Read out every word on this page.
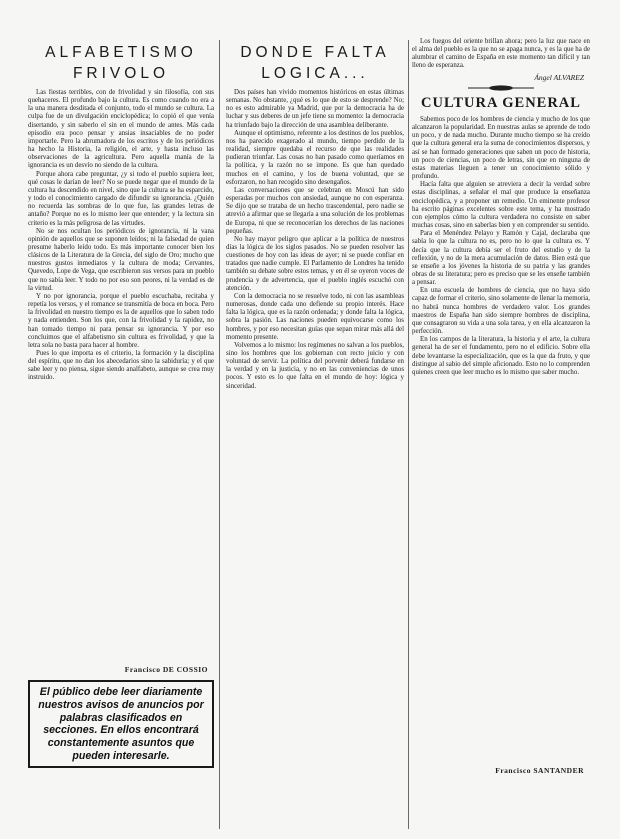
ALFABETISMO
FRIVOLO

Las fiestas terribles, con de frivolidad y sin filosofía, con sus quehaceres. El profundo bajo la cultura. Es como cuando no era a la una manera desditada el conjunto, todo el mundo se cultura. La culpa fue de un divulgación enciclopédica; lo copió el que venía disertando, y sin saberlo el sin en el mundo de antes. Más cada episodio era poco pensar y ansias insaciables de no poder importarle. Pero la abrumadora de los escritos y de los periódicos ha hecho la Historia, la religión, el arte, y hasta incluso las observaciones de la agricultura. Pero aquella manía de la ignorancia es un desvío no siendo de la cultura.

Porque ahora cabe preguntar, ¿y si todo el pueblo supiera leer, qué cosas le darían de leer? No se puede negar que el mundo de la cultura ha descendido en nivel, sino que la cultura se ha esparcido, y todo el conocimiento cargado de difundir su ignorancia. ¿Quién no recuerda las sombras de lo que fue, las grandes letras de antaño? Porque no es lo mismo leer que entender; y la lectura sin criterio es la más peligrosa de las virtudes.

No se nos ocultan los periódicos de ignorancia, ni la vana opinión de aquellos que se suponen leídos; ni la falsedad de quien presume haberlo leído todo. Es más importante conocer bien los clásicos de la Literatura de la Grecia, del siglo de Oro; mucho que nuestros gustos inmediatos y la cultura de moda; Cervantes, Quevedo, Lope de Vega, que escribieron sus versos para un pueblo que no sabía leer. Y todo no por eso son peores, ni la verdad es de la virtud.

Y no por ignorancia, porque el pueblo escuchaba, recitaba y repetía los versos, y el romance se transmitía de boca en boca. Pero la frivolidad en nuestro tiempo es la de aquellos que lo saben todo y nada entienden. Son los que, con la frivolidad y la rapidez, no han tomado tiempo ni para pensar su ignorancia. Y por eso concluimos que el alfabetismo sin cultura es frivolidad, y que la letra sola no basta para hacer al hombre.

Pues lo que importa es el criterio, la formación y la disciplina del espíritu, que no dan los abecedarios sino la sabiduría; y el que sabe leer y no piensa, sigue siendo analfabeto, aunque se crea muy instruido.

Francisco DE COSSIO
El público debe leer diariamente nuestros avisos de anuncios por palabras clasificados en secciones. En ellos encontrará constantemente asuntos que pueden interesarle.
DONDE FALTA
LOGICA...

Dos países han vivido momentos históricos en estas últimas semanas. No obstante, ¿qué es lo que de esto se desprende? No; no es esto admirable ya Madrid, que por la democracia ha de luchar y sus deberes de un jefe tiene su momento: la democracia ha triunfado bajo la dirección de una asamblea deliberante.

Aunque el optimismo, referente a los destinos de los pueblos, nos ha parecido exagerado al mundo, tiempo perdido de la realidad, siempre quedaba el recurso de que las realidades pudieran triunfar. Las cosas no han pasado como queríamos en la política, y la razón no se impone. Es que han quedado muchos en el camino, y los de buena voluntad, que se esforzaron, no han recogido sino desengaños.

Las conversaciones que se celebran en Moscú han sido esperadas por muchos con ansiedad, aunque no con esperanza. Se dijo que se trataba de un hecho trascendental, pero nadie se atrevió a afirmar que se llegaría a una solución de los problemas de Europa, ni que se reconocerían los derechos de las naciones pequeñas.

No hay mayor peligro que aplicar a la política de nuestros días la lógica de los siglos pasados. No se pueden resolver las cuestiones de hoy con las ideas de ayer; ni se puede confiar en tratados que nadie cumple. El Parlamento de Londres ha tenido también su debate sobre estos temas, y en él se oyeron voces de prudencia y de advertencia, que el pueblo inglés escuchó con atención.

Con la democracia no se resuelve todo, ni con las asambleas numerosas, donde cada uno defiende su propio interés. Hace falta la lógica, que es la razón ordenada; y donde falta la lógica, sobra la pasión. Las naciones pueden equivocarse como los hombres, y por eso necesitan guías que sepan mirar más allá del momento presente.

Volvemos a lo mismo: los regímenes no salvan a los pueblos, sino los hombres que los gobiernan con recto juicio y con voluntad de servir. La política del porvenir deberá fundarse en la verdad y en la justicia, y no en las conveniencias de unos pocos. Y esto es lo que falta en el mundo de hoy: lógica y sinceridad.

Los fuegos del oriente brillan ahora; pero la luz que nace en el alma del pueblo es la que no se apaga nunca, y es la que ha de alumbrar el camino de España en este momento tan difícil y tan lleno de esperanza.

Ángel ALVAREZ
CULTURA GENERAL

Sabemos poco de los hombres de ciencia y mucho de los que alcanzaron la popularidad. En nuestras aulas se aprende de todo un poco, y de nada mucho. Durante mucho tiempo se ha creído que la cultura general era la suma de conocimientos dispersos, y así se han formado generaciones que saben un poco de historia, un poco de ciencias, un poco de letras, sin que en ninguna de estas materias lleguen a tener un conocimiento sólido y profundo.

Hacía falta que alguien se atreviera a decir la verdad sobre estas disciplinas, a señalar el mal que produce la enseñanza enciclopédica, y a proponer un remedio. Un eminente profesor ha escrito páginas excelentes sobre este tema, y ha mostrado con ejemplos cómo la cultura verdadera no consiste en saber muchas cosas, sino en saberlas bien y en comprender su sentido.

Para el Menéndez Pelayo y Ramón y Cajal, declaraba que sabía lo que la cultura no es, pero no lo que la cultura es. Y decía que la cultura debía ser el fruto del estudio y de la reflexión, y no de la mera acumulación de datos. Bien está que se enseñe a los jóvenes la historia de su patria y las grandes obras de su literatura; pero es preciso que se les enseñe también a pensar.

En una escuela de hombres de ciencia, que no haya sido capaz de formar el criterio, sino solamente de llenar la memoria, no habrá nunca hombres de verdadero valor. Los grandes maestros de España han sido siempre hombres de disciplina, que consagraron su vida a una sola tarea, y en ella alcanzaron la perfección.

En los campos de la literatura, la historia y el arte, la cultura general ha de ser el fundamento, pero no el edificio. Sobre ella debe levantarse la especialización, que es la que da fruto, y que distingue al sabio del simple aficionado. Esto no lo comprenden quienes creen que leer mucho es lo mismo que saber mucho.

Francisco SANTANDER
